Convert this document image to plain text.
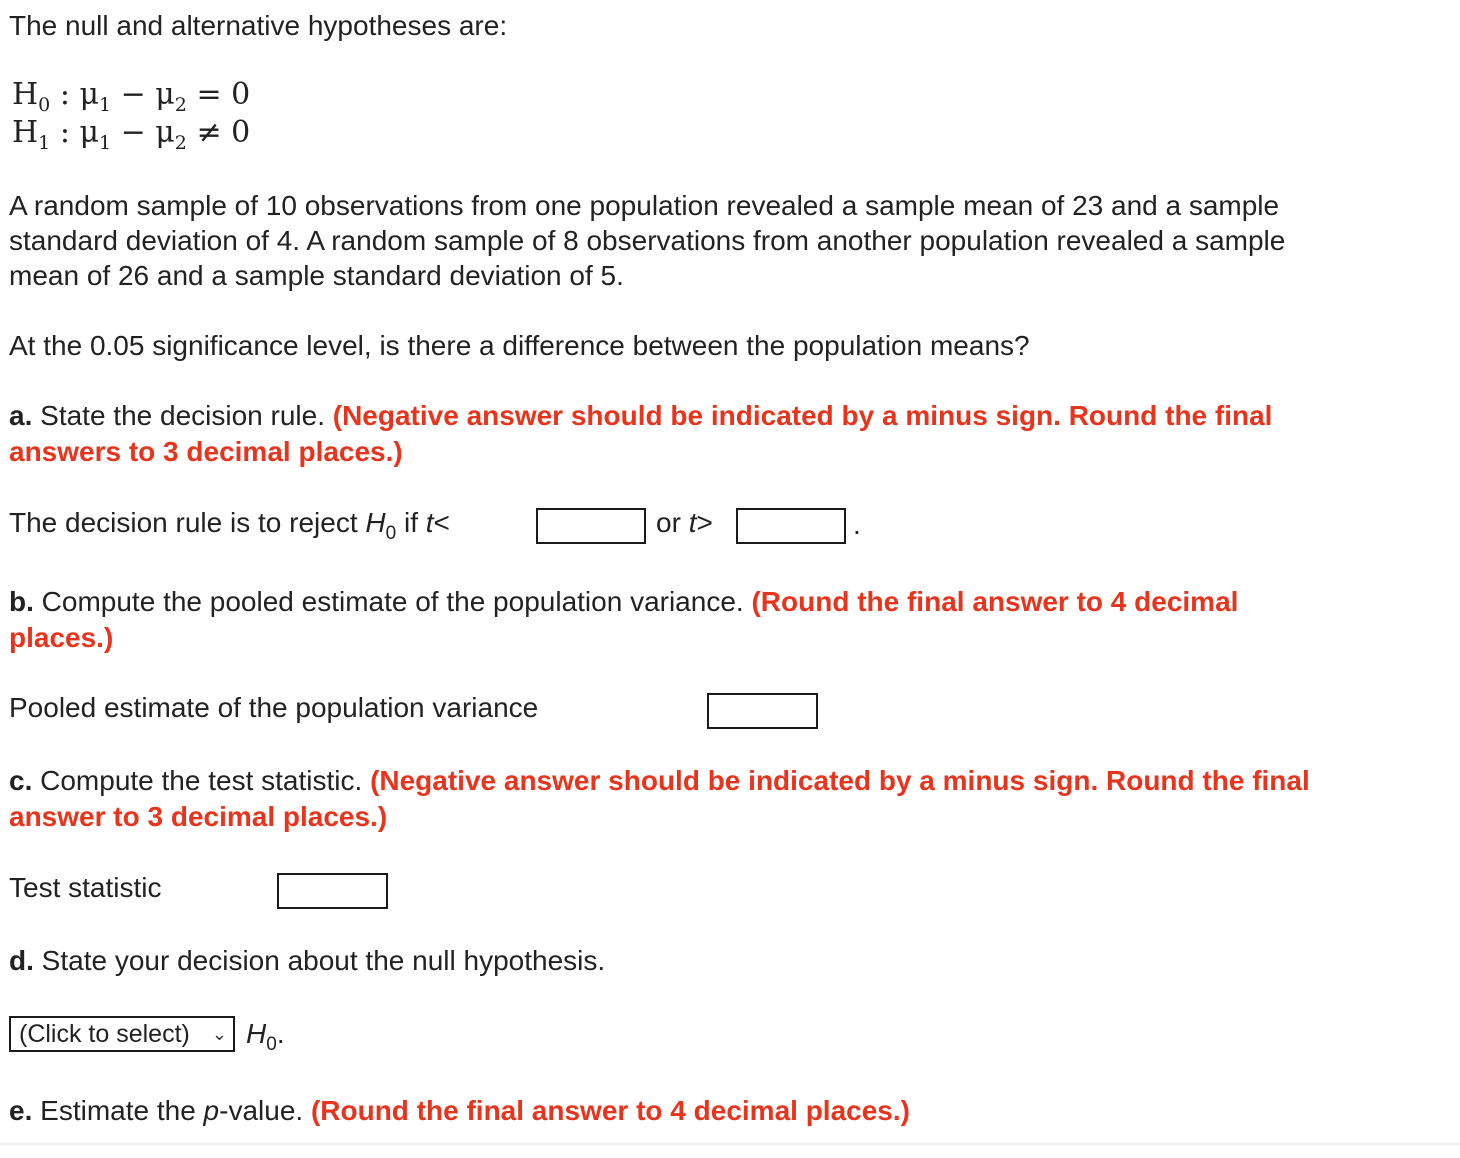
The null and alternative hypotheses are:
$H_0$ : $\mu_1 - \mu_2 = 0$
$H_1$ : $\mu_1 - \mu_2 \ne 0$
A random sample of 10 observations from one population revealed a sample mean of 23 and a sample
standard deviation of 4. A random sample of 8 observations from another population revealed a sample
mean of 26 and a sample standard deviation of 5.
At the 0.05 significance level, is there a difference between the population means?
a. State the decision rule. (Negative answer should be indicated by a minus sign. Round the final
answers to 3 decimal places.)
The decision rule is to reject $H_0$ if t<	or t>	.
b. Compute the pooled estimate of the population variance. (Round the final answer to 4 decimal
places.)
Pooled estimate of the population variance
c. Compute the test statistic. (Negative answer should be indicated by a minus sign. Round the final
answer to 3 decimal places.)
Test statistic
d. State your decision about the null hypothesis.
(Click to select) ⌄ $H_0$.
e. Estimate the p-value. (Round the final answer to 4 decimal places.)
